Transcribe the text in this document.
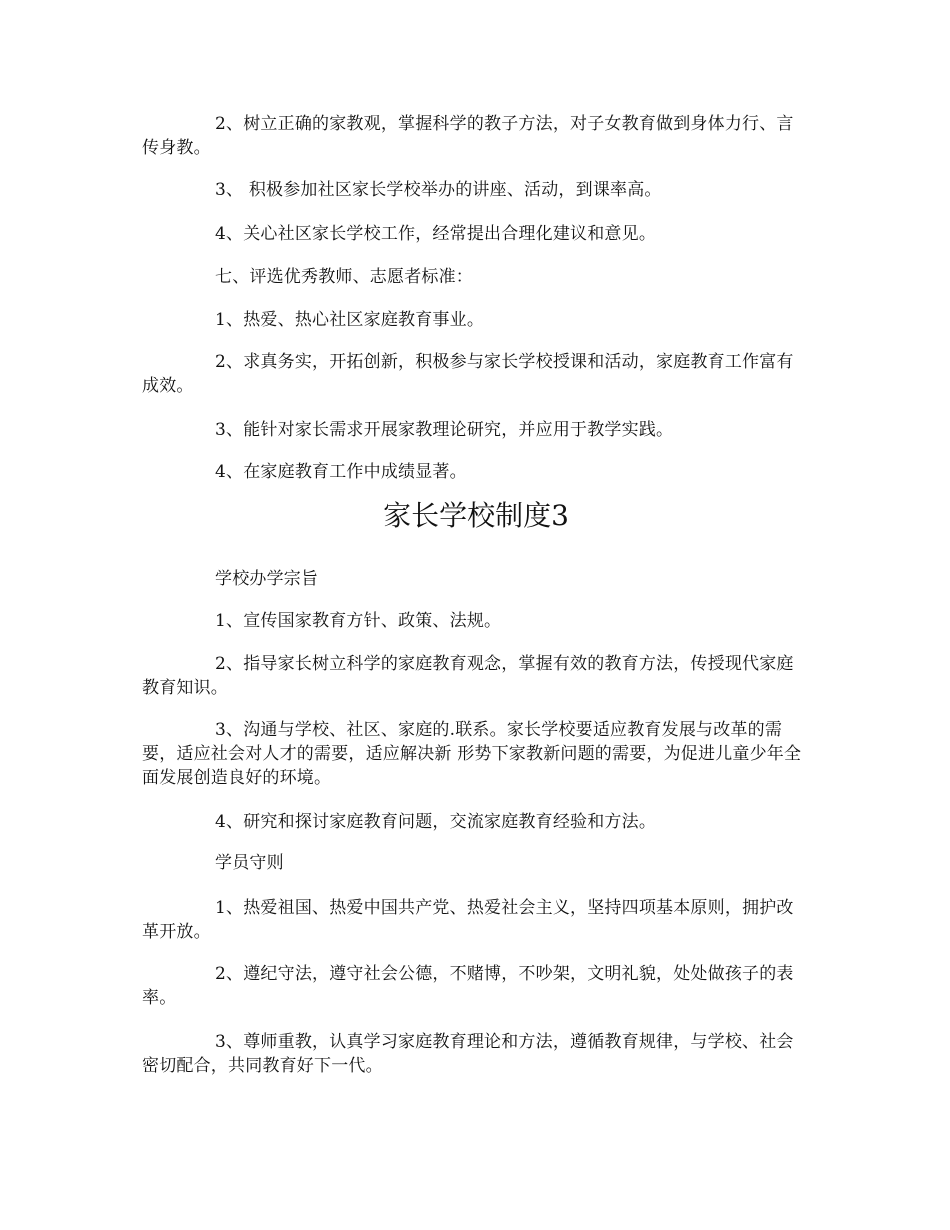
2、树立正确的家教观，掌握科学的教子方法，对子女教育做到身体力行、言传身教。

3、 积极参加社区家长学校举办的讲座、活动，到课率高。

4、关心社区家长学校工作，经常提出合理化建议和意见。

七、评选优秀教师、志愿者标准：

1、热爱、热心社区家庭教育事业。

2、求真务实，开拓创新，积极参与家长学校授课和活动，家庭教育工作富有成效。

3、能针对家长需求开展家教理论研究，并应用于教学实践。

4、在家庭教育工作中成绩显著。

家长学校制度3

学校办学宗旨

1、宣传国家教育方针、政策、法规。

2、指导家长树立科学的家庭教育观念，掌握有效的教育方法，传授现代家庭教育知识。

3、沟通与学校、社区、家庭的.联系。家长学校要适应教育发展与改革的需要，适应社会对人才的需要，适应解决新 形势下家教新问题的需要，为促进儿童少年全面发展创造良好的环境。

4、研究和探讨家庭教育问题，交流家庭教育经验和方法。

学员守则

1、热爱祖国、热爱中国共产党、热爱社会主义，坚持四项基本原则，拥护改革开放。

2、遵纪守法，遵守社会公德，不赌博，不吵架，文明礼貌，处处做孩子的表率。

3、尊师重教，认真学习家庭教育理论和方法，遵循教育规律，与学校、社会密切配合，共同教育好下一代。
